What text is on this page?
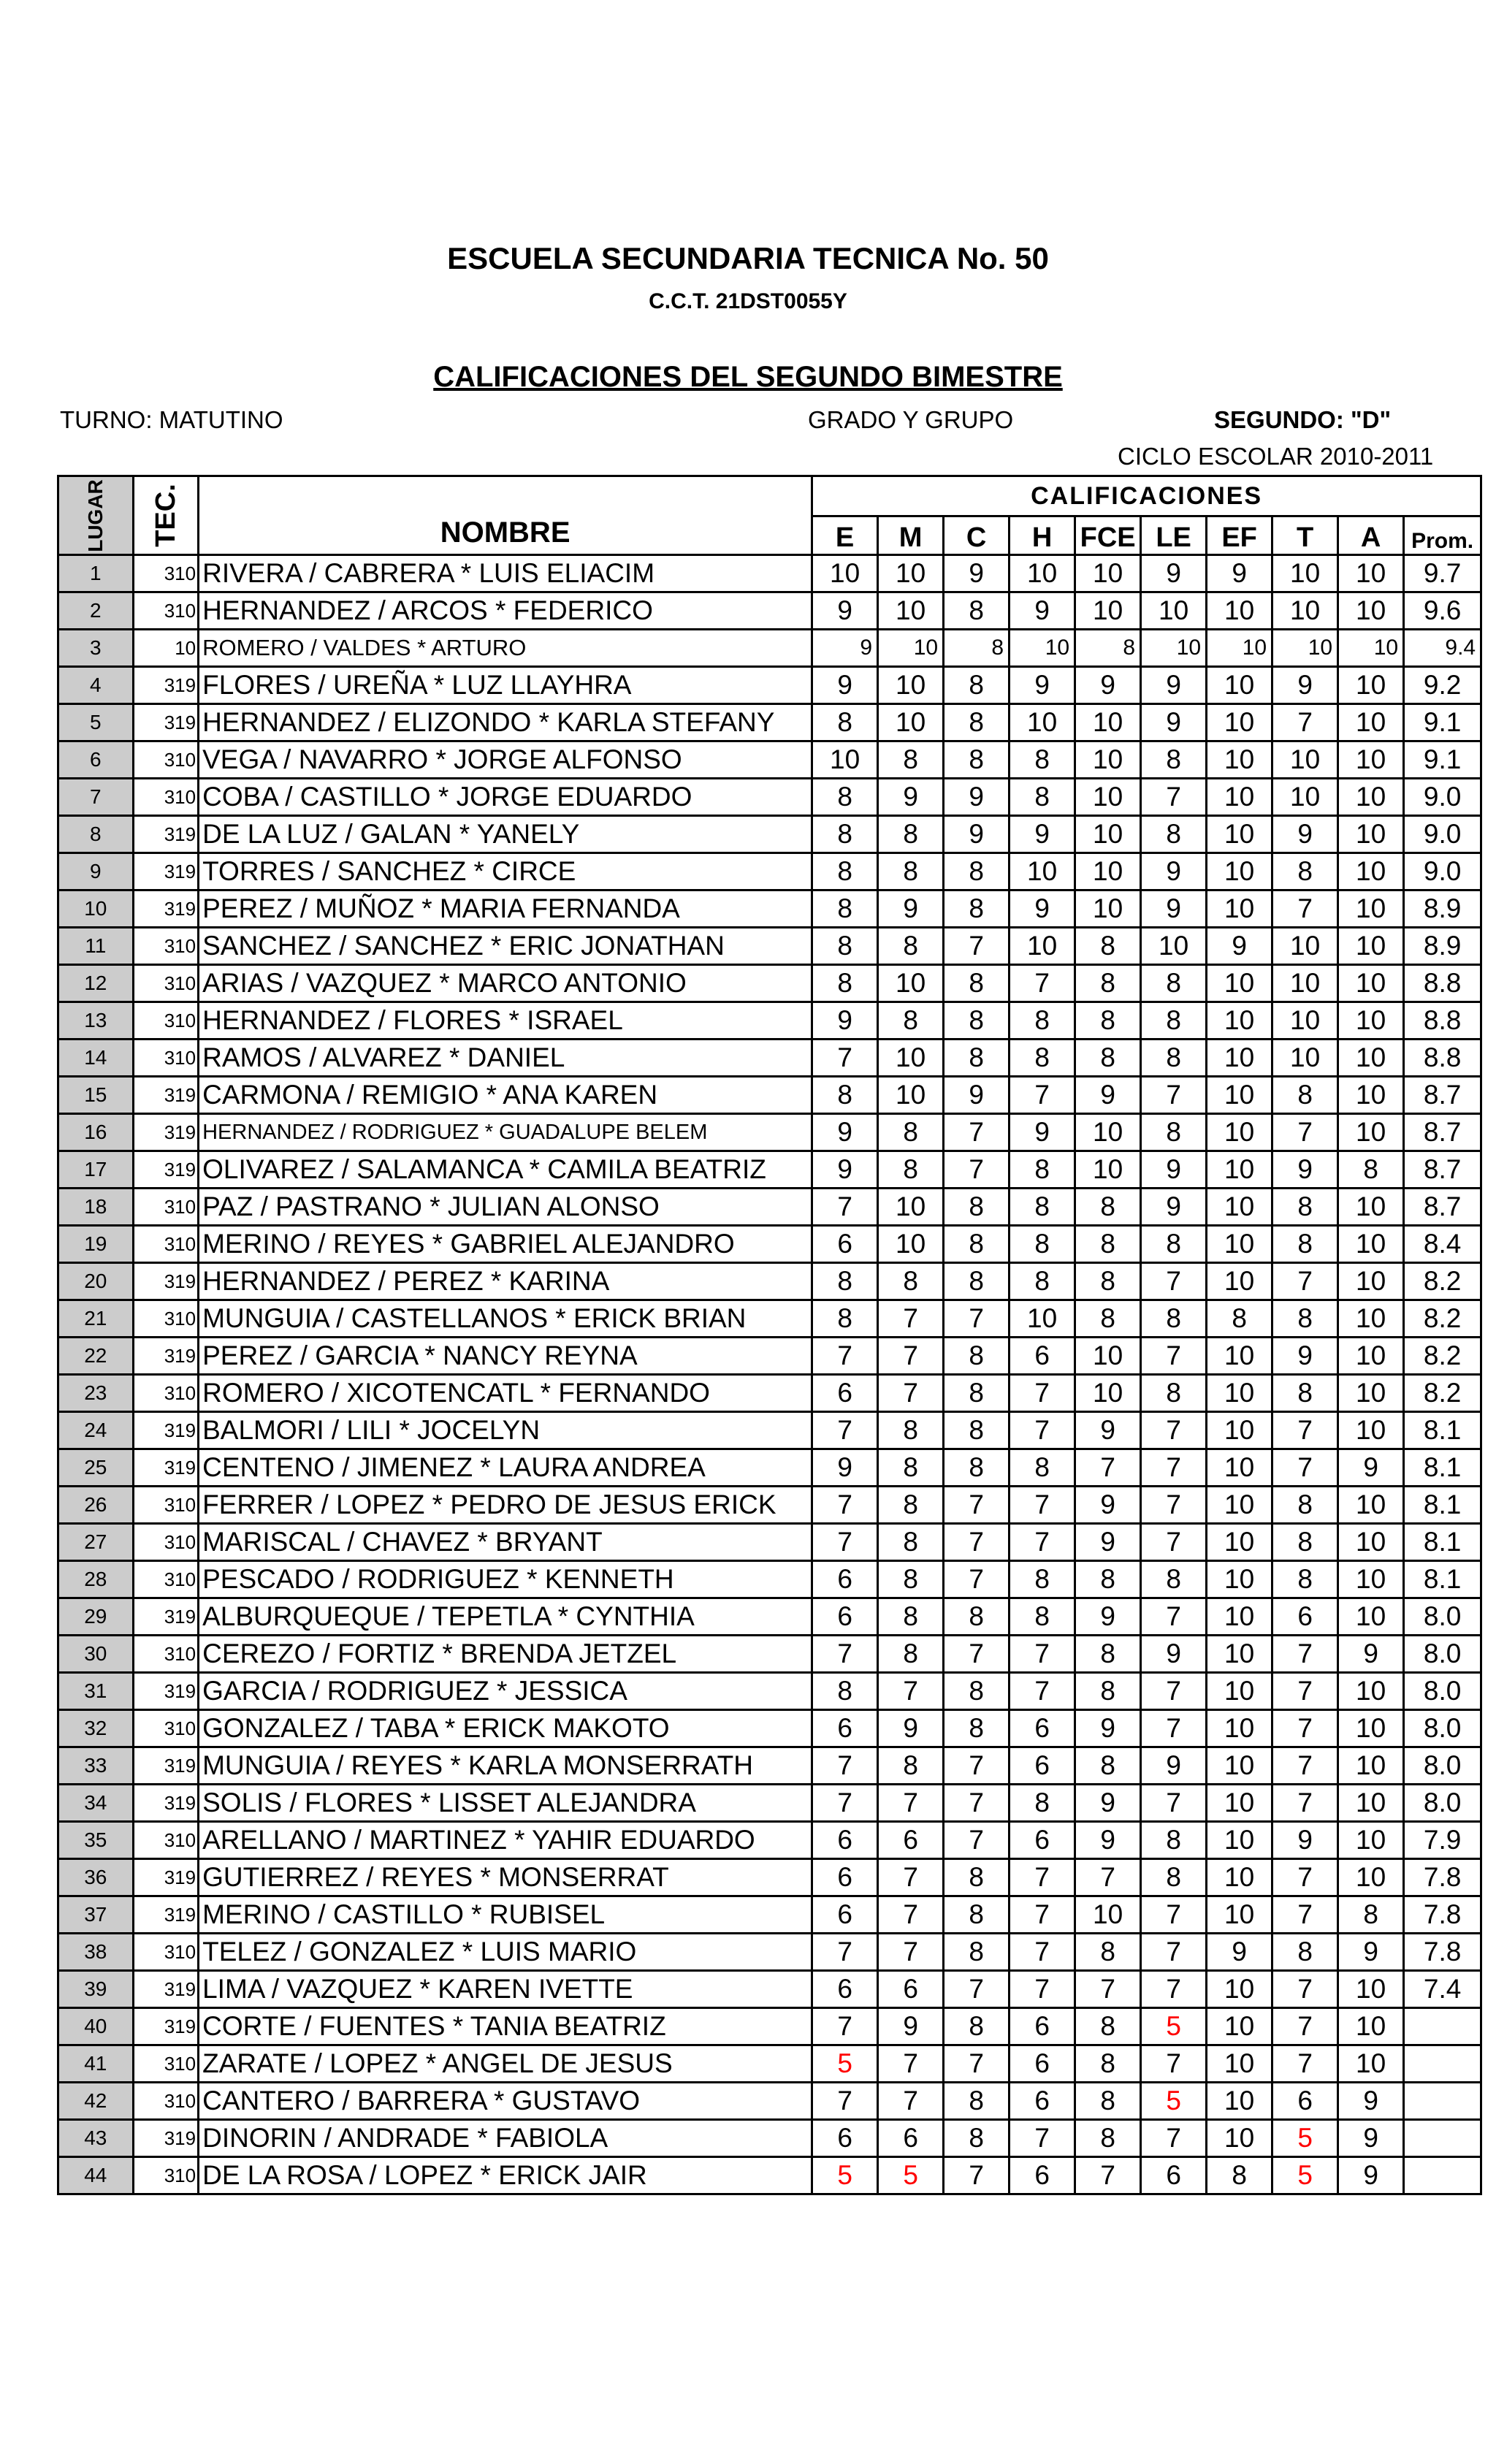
ESCUELA SECUNDARIA TECNICA No. 50
C.C.T. 21DST0055Y
CALIFICACIONES DEL SEGUNDO BIMESTRE
TURNO: MATUTINO	GRADO Y GRUPO	SEGUNDO: "D"
CICLO ESCOLAR 2010-2011
LUGAR	TEC.	NOMBRE	CALIFICACIONES									
			E	M	C	H	FCE	LE	EF	T	A	Prom.
1	310	RIVERA / CABRERA * LUIS ELIACIM	10	10	9	10	10	9	9	10	10	9.7
2	310	HERNANDEZ / ARCOS * FEDERICO	9	10	8	9	10	10	10	10	10	9.6
3	10	ROMERO / VALDES * ARTURO	9	10	8	10	8	10	10	10	10	9.4
4	319	FLORES / UREÑA * LUZ LLAYHRA	9	10	8	9	9	9	10	9	10	9.2
5	319	HERNANDEZ / ELIZONDO * KARLA STEFANY	8	10	8	10	10	9	10	7	10	9.1
6	310	VEGA / NAVARRO * JORGE ALFONSO	10	8	8	8	10	8	10	10	10	9.1
7	310	COBA / CASTILLO * JORGE EDUARDO	8	9	9	8	10	7	10	10	10	9.0
8	319	DE LA LUZ / GALAN * YANELY	8	8	9	9	10	8	10	9	10	9.0
9	319	TORRES / SANCHEZ * CIRCE	8	8	8	10	10	9	10	8	10	9.0
10	319	PEREZ / MUÑOZ * MARIA FERNANDA	8	9	8	9	10	9	10	7	10	8.9
11	310	SANCHEZ / SANCHEZ * ERIC JONATHAN	8	8	7	10	8	10	9	10	10	8.9
12	310	ARIAS / VAZQUEZ * MARCO ANTONIO	8	10	8	7	8	8	10	10	10	8.8
13	310	HERNANDEZ / FLORES * ISRAEL	9	8	8	8	8	8	10	10	10	8.8
14	310	RAMOS / ALVAREZ * DANIEL	7	10	8	8	8	8	10	10	10	8.8
15	319	CARMONA / REMIGIO * ANA KAREN	8	10	9	7	9	7	10	8	10	8.7
16	319	HERNANDEZ / RODRIGUEZ * GUADALUPE BELEM	9	8	7	9	10	8	10	7	10	8.7
17	319	OLIVAREZ / SALAMANCA * CAMILA BEATRIZ	9	8	7	8	10	9	10	9	8	8.7
18	310	PAZ / PASTRANO * JULIAN ALONSO	7	10	8	8	8	9	10	8	10	8.7
19	310	MERINO / REYES * GABRIEL ALEJANDRO	6	10	8	8	8	8	10	8	10	8.4
20	319	HERNANDEZ / PEREZ * KARINA	8	8	8	8	8	7	10	7	10	8.2
21	310	MUNGUIA / CASTELLANOS * ERICK BRIAN	8	7	7	10	8	8	8	8	10	8.2
22	319	PEREZ / GARCIA * NANCY REYNA	7	7	8	6	10	7	10	9	10	8.2
23	310	ROMERO / XICOTENCATL * FERNANDO	6	7	8	7	10	8	10	8	10	8.2
24	319	BALMORI / LILI * JOCELYN	7	8	8	7	9	7	10	7	10	8.1
25	319	CENTENO / JIMENEZ * LAURA ANDREA	9	8	8	8	7	7	10	7	9	8.1
26	310	FERRER / LOPEZ * PEDRO DE JESUS ERICK	7	8	7	7	9	7	10	8	10	8.1
27	310	MARISCAL / CHAVEZ * BRYANT	7	8	7	7	9	7	10	8	10	8.1
28	310	PESCADO / RODRIGUEZ * KENNETH	6	8	7	8	8	8	10	8	10	8.1
29	319	ALBURQUEQUE / TEPETLA * CYNTHIA	6	8	8	8	9	7	10	6	10	8.0
30	310	CEREZO / FORTIZ * BRENDA JETZEL	7	8	7	7	8	9	10	7	9	8.0
31	319	GARCIA / RODRIGUEZ * JESSICA	8	7	8	7	8	7	10	7	10	8.0
32	310	GONZALEZ / TABA * ERICK MAKOTO	6	9	8	6	9	7	10	7	10	8.0
33	319	MUNGUIA / REYES * KARLA MONSERRATH	7	8	7	6	8	9	10	7	10	8.0
34	319	SOLIS / FLORES * LISSET ALEJANDRA	7	7	7	8	9	7	10	7	10	8.0
35	310	ARELLANO / MARTINEZ * YAHIR EDUARDO	6	6	7	6	9	8	10	9	10	7.9
36	319	GUTIERREZ / REYES * MONSERRAT	6	7	8	7	7	8	10	7	10	7.8
37	319	MERINO / CASTILLO * RUBISEL	6	7	8	7	10	7	10	7	8	7.8
38	310	TELEZ / GONZALEZ * LUIS MARIO	7	7	8	7	8	7	9	8	9	7.8
39	319	LIMA / VAZQUEZ * KAREN IVETTE	6	6	7	7	7	7	10	7	10	7.4
40	319	CORTE / FUENTES * TANIA BEATRIZ	7	9	8	6	8	5	10	7	10	
41	310	ZARATE / LOPEZ * ANGEL DE JESUS	5	7	7	6	8	7	10	7	10	
42	310	CANTERO / BARRERA * GUSTAVO	7	7	8	6	8	5	10	6	9	
43	319	DINORIN / ANDRADE * FABIOLA	6	6	8	7	8	7	10	5	9	
44	310	DE LA ROSA / LOPEZ * ERICK JAIR	5	5	7	6	7	6	8	5	9	
